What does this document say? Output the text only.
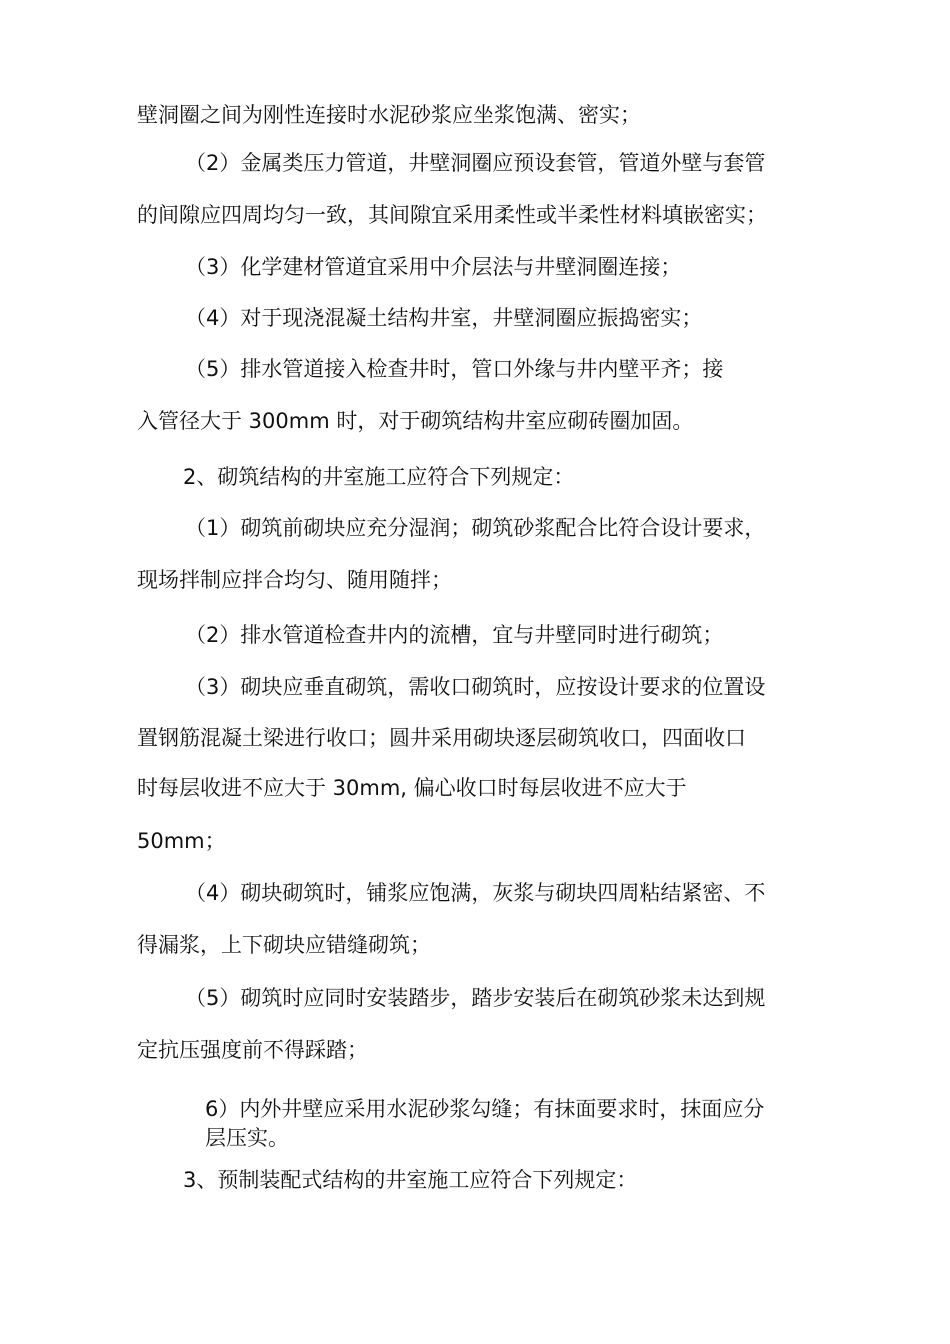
壁洞圈之间为刚性连接时水泥砂浆应坐浆饱满、密实；
（2）金属类压力管道，井壁洞圈应预设套管，管道外壁与套管
的间隙应四周均匀一致，其间隙宜采用柔性或半柔性材料填嵌密实；
（3）化学建材管道宜采用中介层法与井壁洞圈连接；
（4）对于现浇混凝土结构井室，井壁洞圈应振捣密实；
（5）排水管道接入检查井时，管口外缘与井内壁平齐；接
入管径大于 300mm 时，对于砌筑结构井室应砌砖圈加固。
2、砌筑结构的井室施工应符合下列规定：
（1）砌筑前砌块应充分湿润；砌筑砂浆配合比符合设计要求，
现场拌制应拌合均匀、随用随拌；
（2）排水管道检查井内的流槽，宜与井壁同时进行砌筑；
（3）砌块应垂直砌筑，需收口砌筑时，应按设计要求的位置设
置钢筋混凝土梁进行收口；圆井采用砌块逐层砌筑收口，四面收口
时每层收进不应大于 30mm, 偏心收口时每层收进不应大于
50mm；
（4）砌块砌筑时，铺浆应饱满，灰浆与砌块四周粘结紧密、不
得漏浆，上下砌块应错缝砌筑；
（5）砌筑时应同时安装踏步，踏步安装后在砌筑砂浆未达到规
定抗压强度前不得踩踏；
6）内外井壁应采用水泥砂浆勾缝；有抹面要求时，抹面应分
层压实。
3、预制装配式结构的井室施工应符合下列规定：
